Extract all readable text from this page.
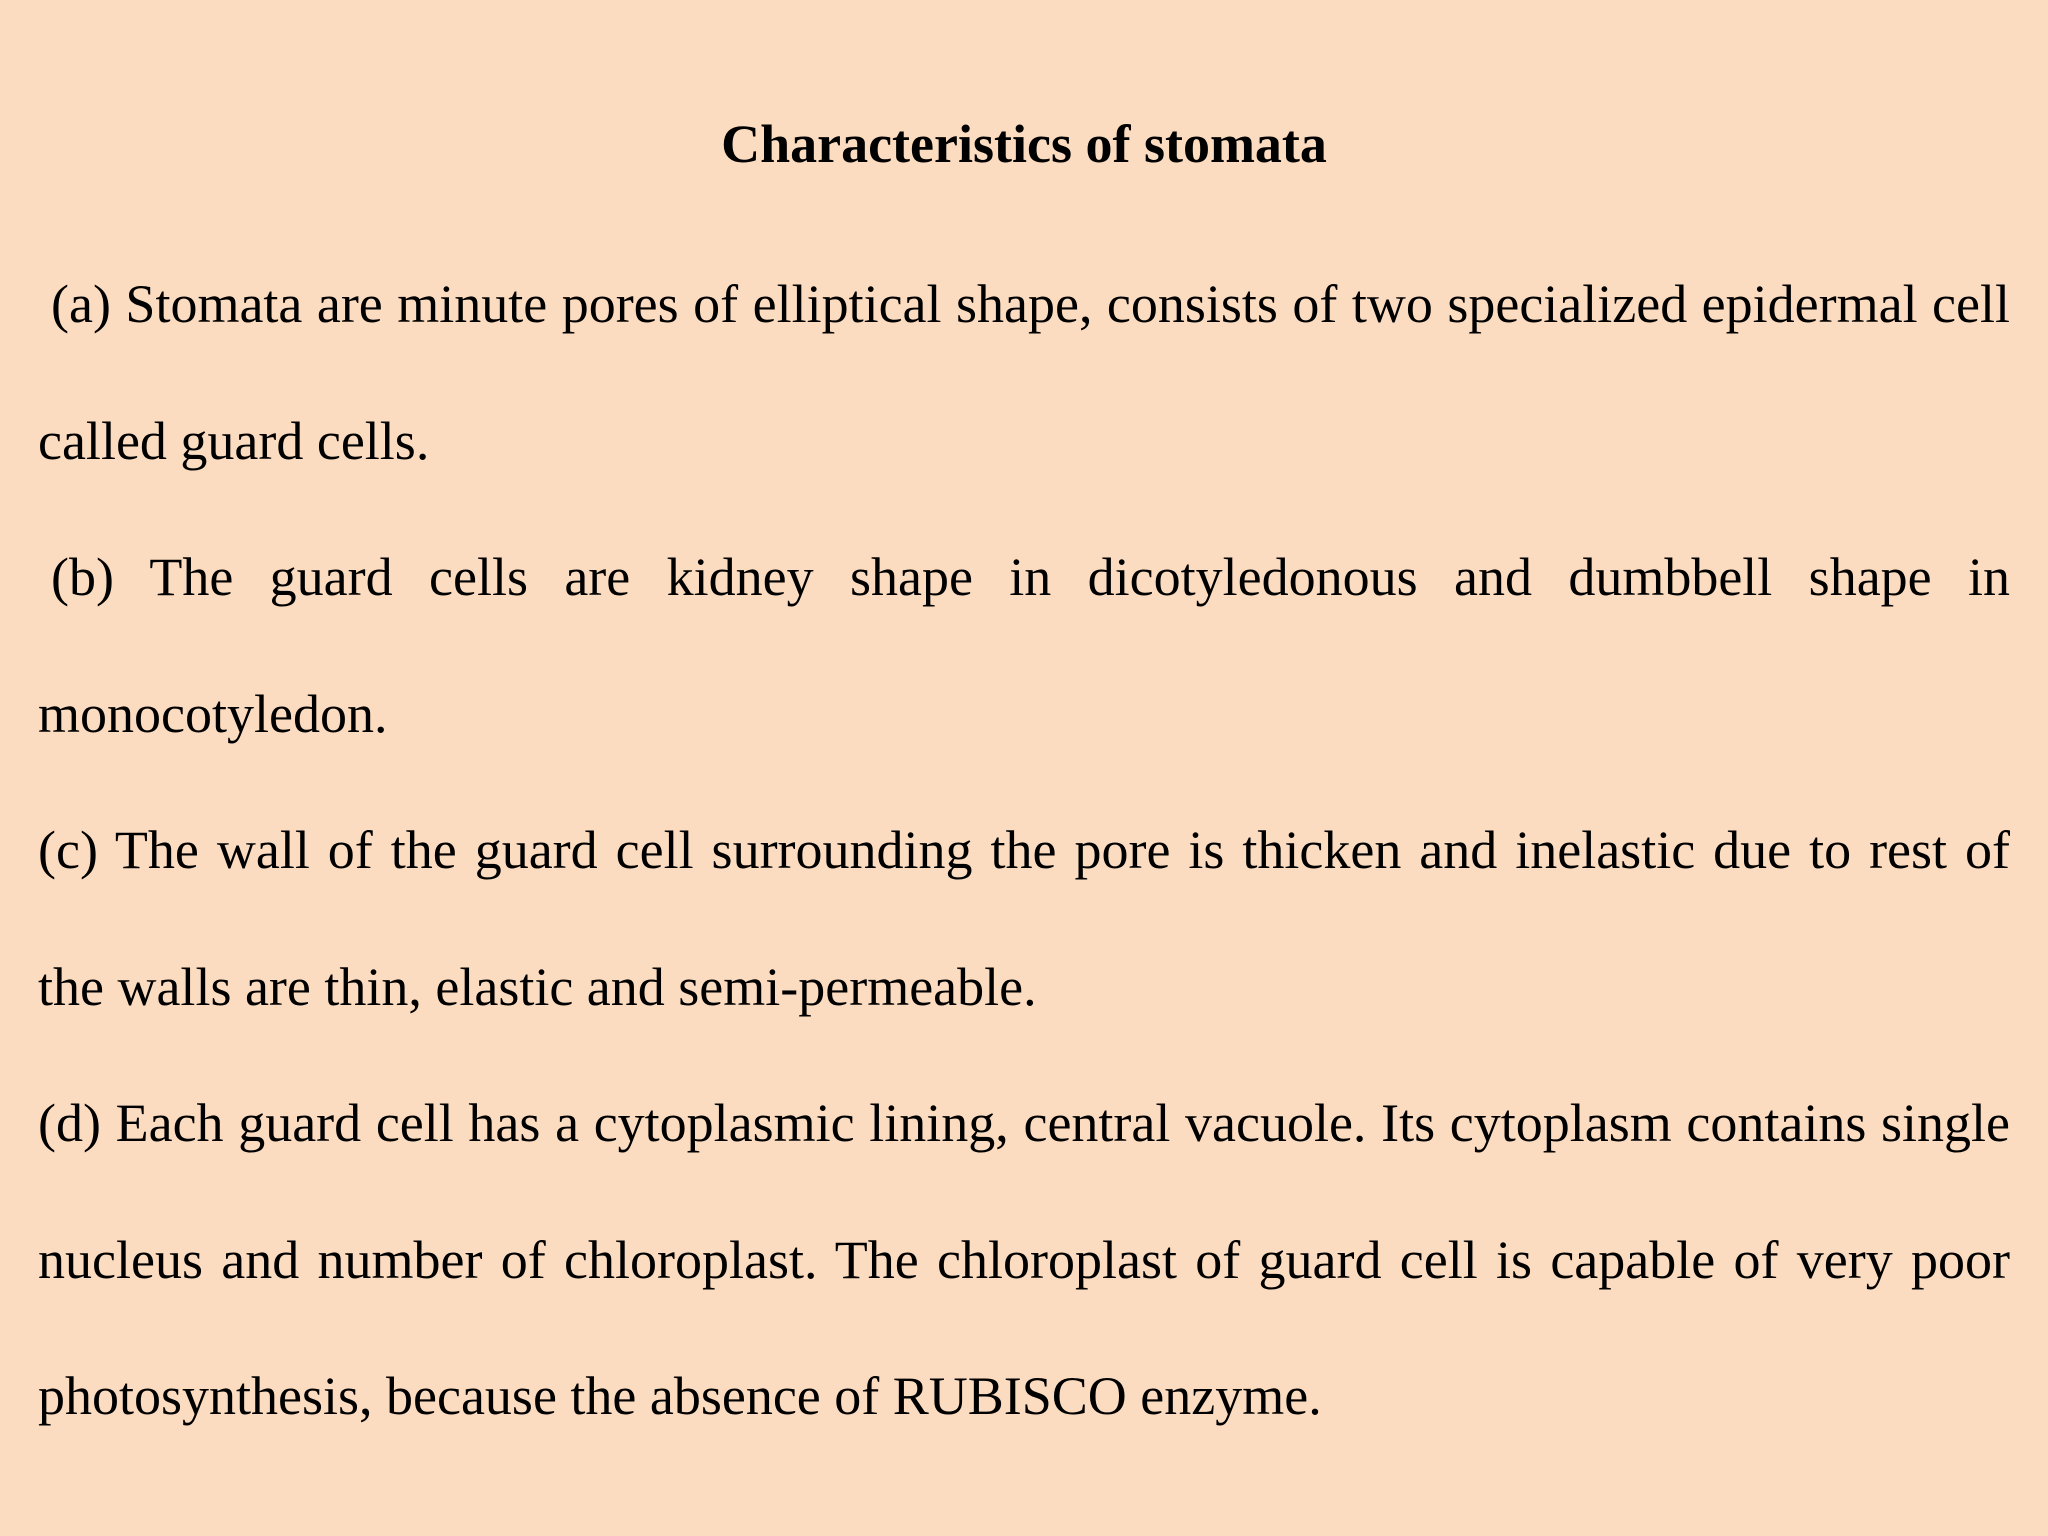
Characteristics of stomata

(a) Stomata are minute pores of elliptical shape, consists of two specialized epidermal cell called guard cells.

(b) The guard cells are kidney shape in dicotyledonous and dumbbell shape in monocotyledon.

(c) The wall of the guard cell surrounding the pore is thicken and inelastic due to rest of the walls are thin, elastic and semi-permeable.

(d) Each guard cell has a cytoplasmic lining, central vacuole. Its cytoplasm contains single nucleus and number of chloroplast. The chloroplast of guard cell is capable of very poor photosynthesis, because the absence of RUBISCO enzyme.
